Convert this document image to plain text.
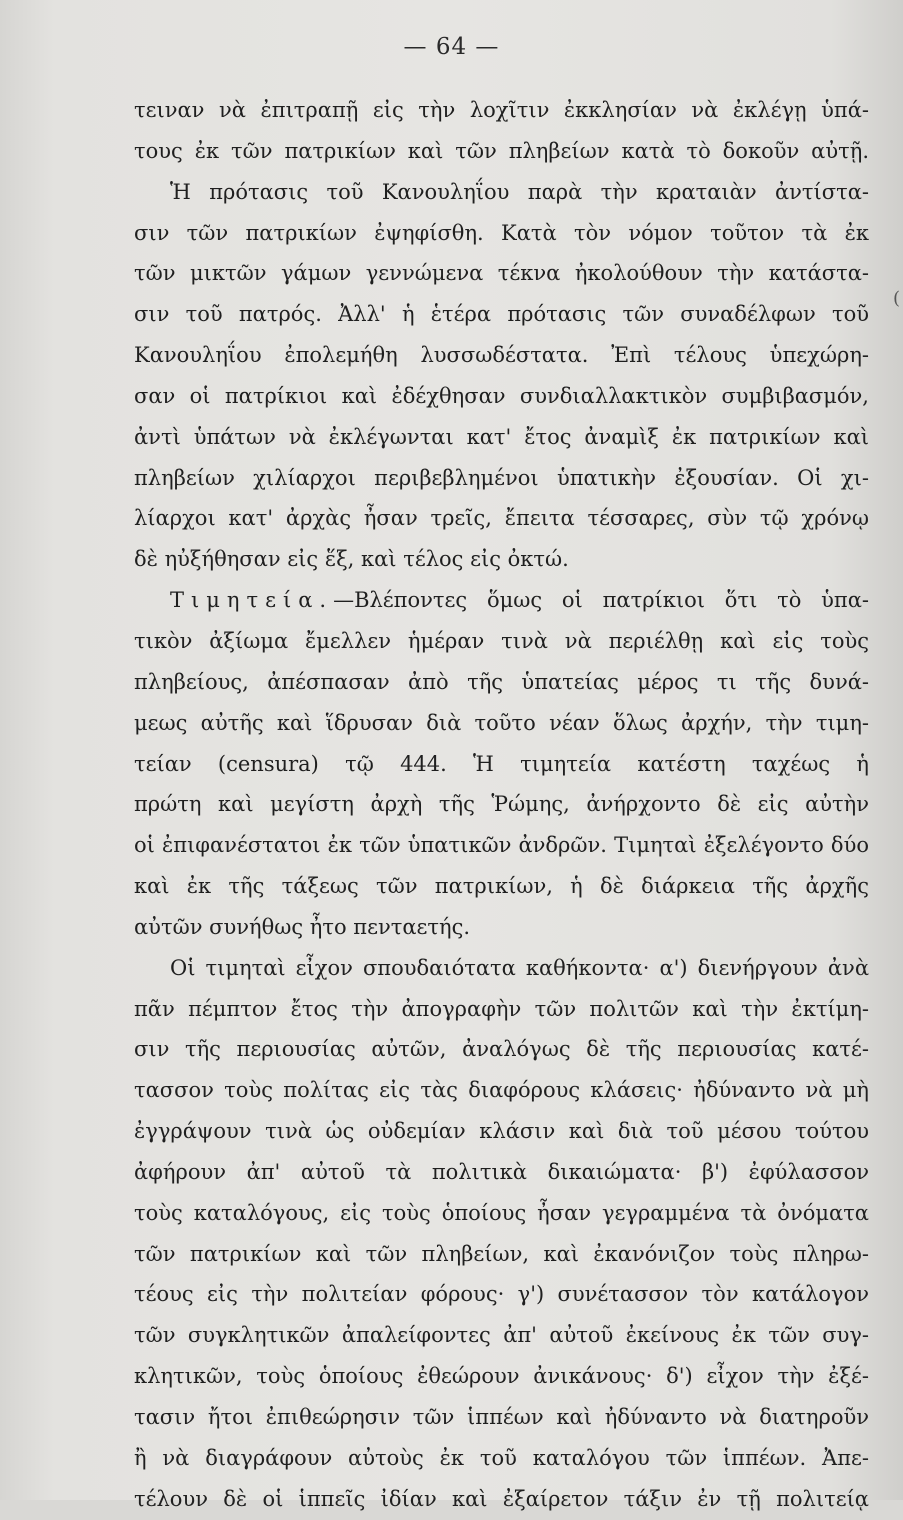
— 64 —
τειναν νὰ ἐπιτραπῇ εἰς τὴν λοχῖτιν ἐκκλησίαν νὰ ἐκλέγῃ ὑπά-
τους ἐκ τῶν πατρικίων καὶ τῶν πληβείων κατὰ τὸ δοκοῦν αὐτῇ.
Ἡ πρότασις τοῦ Κανουληΐου παρὰ τὴν κραταιὰν ἀντίστα-
σιν τῶν πατρικίων ἐψηφίσθη. Κατὰ τὸν νόμον τοῦτον τὰ ἐκ
τῶν μικτῶν γάμων γεννώμενα τέκνα ἠκολούθουν τὴν κατάστα-
σιν τοῦ πατρός. Ἀλλ' ἡ ἑτέρα πρότασις τῶν συναδέλφων τοῦ
Κανουληΐου ἐπολεμήθη λυσσωδέστατα. Ἐπὶ τέλους ὑπεχώρη-
σαν οἱ πατρίκιοι καὶ ἐδέχθησαν συνδιαλλακτικὸν συμβιβασμόν,
ἀντὶ ὑπάτων νὰ ἐκλέγωνται κατ' ἔτος ἀναμὶξ ἐκ πατρικίων καὶ
πληβείων χιλίαρχοι περιβεβλημένοι ὑπατικὴν ἐξουσίαν. Οἱ χι-
λίαρχοι κατ' ἀρχὰς ἦσαν τρεῖς, ἔπειτα τέσσαρες, σὺν τῷ χρόνῳ
δὲ ηὐξήθησαν εἰς ἕξ, καὶ τέλος εἰς ὀκτώ.
Τιμητεία.—Βλέποντες ὅμως οἱ πατρίκιοι ὅτι τὸ ὑπα-
τικὸν ἀξίωμα ἔμελλεν ἡμέραν τινὰ νὰ περιέλθῃ καὶ εἰς τοὺς
πληβείους, ἀπέσπασαν ἀπὸ τῆς ὑπατείας μέρος τι τῆς δυνά-
μεως αὐτῆς καὶ ἵδρυσαν διὰ τοῦτο νέαν ὅλως ἀρχήν, τὴν τιμη-
τείαν (censura) τῷ 444. Ἡ τιμητεία κατέστη ταχέως ἡ
πρώτη καὶ μεγίστη ἀρχὴ τῆς Ῥώμης, ἀνήρχοντο δὲ εἰς αὐτὴν
οἱ ἐπιφανέστατοι ἐκ τῶν ὑπατικῶν ἀνδρῶν. Τιμηταὶ ἐξελέγοντο δύο
καὶ ἐκ τῆς τάξεως τῶν πατρικίων, ἡ δὲ διάρκεια τῆς ἀρχῆς
αὐτῶν συνήθως ἦτο πενταετής.
Οἱ τιμηταὶ εἶχον σπουδαιότατα καθήκοντα· α') διενήργουν ἀνὰ
πᾶν πέμπτον ἔτος τὴν ἀπογραφὴν τῶν πολιτῶν καὶ τὴν ἐκτίμη-
σιν τῆς περιουσίας αὐτῶν, ἀναλόγως δὲ τῆς περιουσίας κατέ-
τασσον τοὺς πολίτας εἰς τὰς διαφόρους κλάσεις· ἠδύναντο νὰ μὴ
ἐγγράψουν τινὰ ὡς οὐδεμίαν κλάσιν καὶ διὰ τοῦ μέσου τούτου
ἀφήρουν ἀπ' αὐτοῦ τὰ πολιτικὰ δικαιώματα· β') ἐφύλασσον
τοὺς καταλόγους, εἰς τοὺς ὁποίους ἦσαν γεγραμμένα τὰ ὀνόματα
τῶν πατρικίων καὶ τῶν πληβείων, καὶ ἐκανόνιζον τοὺς πληρω-
τέους εἰς τὴν πολιτείαν φόρους· γ') συνέτασσον τὸν κατάλογον
τῶν συγκλητικῶν ἀπαλείφοντες ἀπ' αὐτοῦ ἐκείνους ἐκ τῶν συγ-
κλητικῶν, τοὺς ὁποίους ἐθεώρουν ἀνικάνους· δ') εἶχον τὴν ἐξέ-
τασιν ἤτοι ἐπιθεώρησιν τῶν ἱππέων καὶ ἠδύναντο νὰ διατηροῦν
ἢ νὰ διαγράφουν αὐτοὺς ἐκ τοῦ καταλόγου τῶν ἱππέων. Ἀπε-
τέλουν δὲ οἱ ἱππεῖς ἰδίαν καὶ ἐξαίρετον τάξιν ἐν τῇ πολιτείᾳ
(
